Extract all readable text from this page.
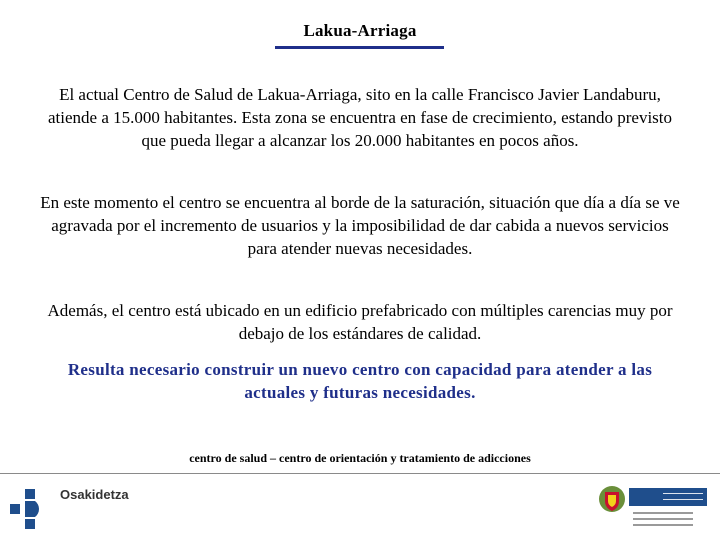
Lakua-Arriaga
El actual Centro de Salud de Lakua-Arriaga, sito en la calle Francisco Javier Landaburu, atiende a 15.000 habitantes. Esta zona se encuentra en fase de crecimiento, estando previsto que pueda llegar a alcanzar los 20.000 habitantes en pocos años.
En este momento el centro se encuentra al borde de la saturación, situación que día a día se ve agravada por el incremento de usuarios y la imposibilidad de dar cabida a nuevos servicios para atender nuevas necesidades.
Además, el centro está ubicado en un edificio prefabricado con múltiples carencias muy por debajo de los estándares de calidad.
Resulta necesario construir un nuevo centro con capacidad para atender a las actuales y futuras necesidades.
centro de salud – centro de orientación y tratamiento de adicciones
Osakidetza
